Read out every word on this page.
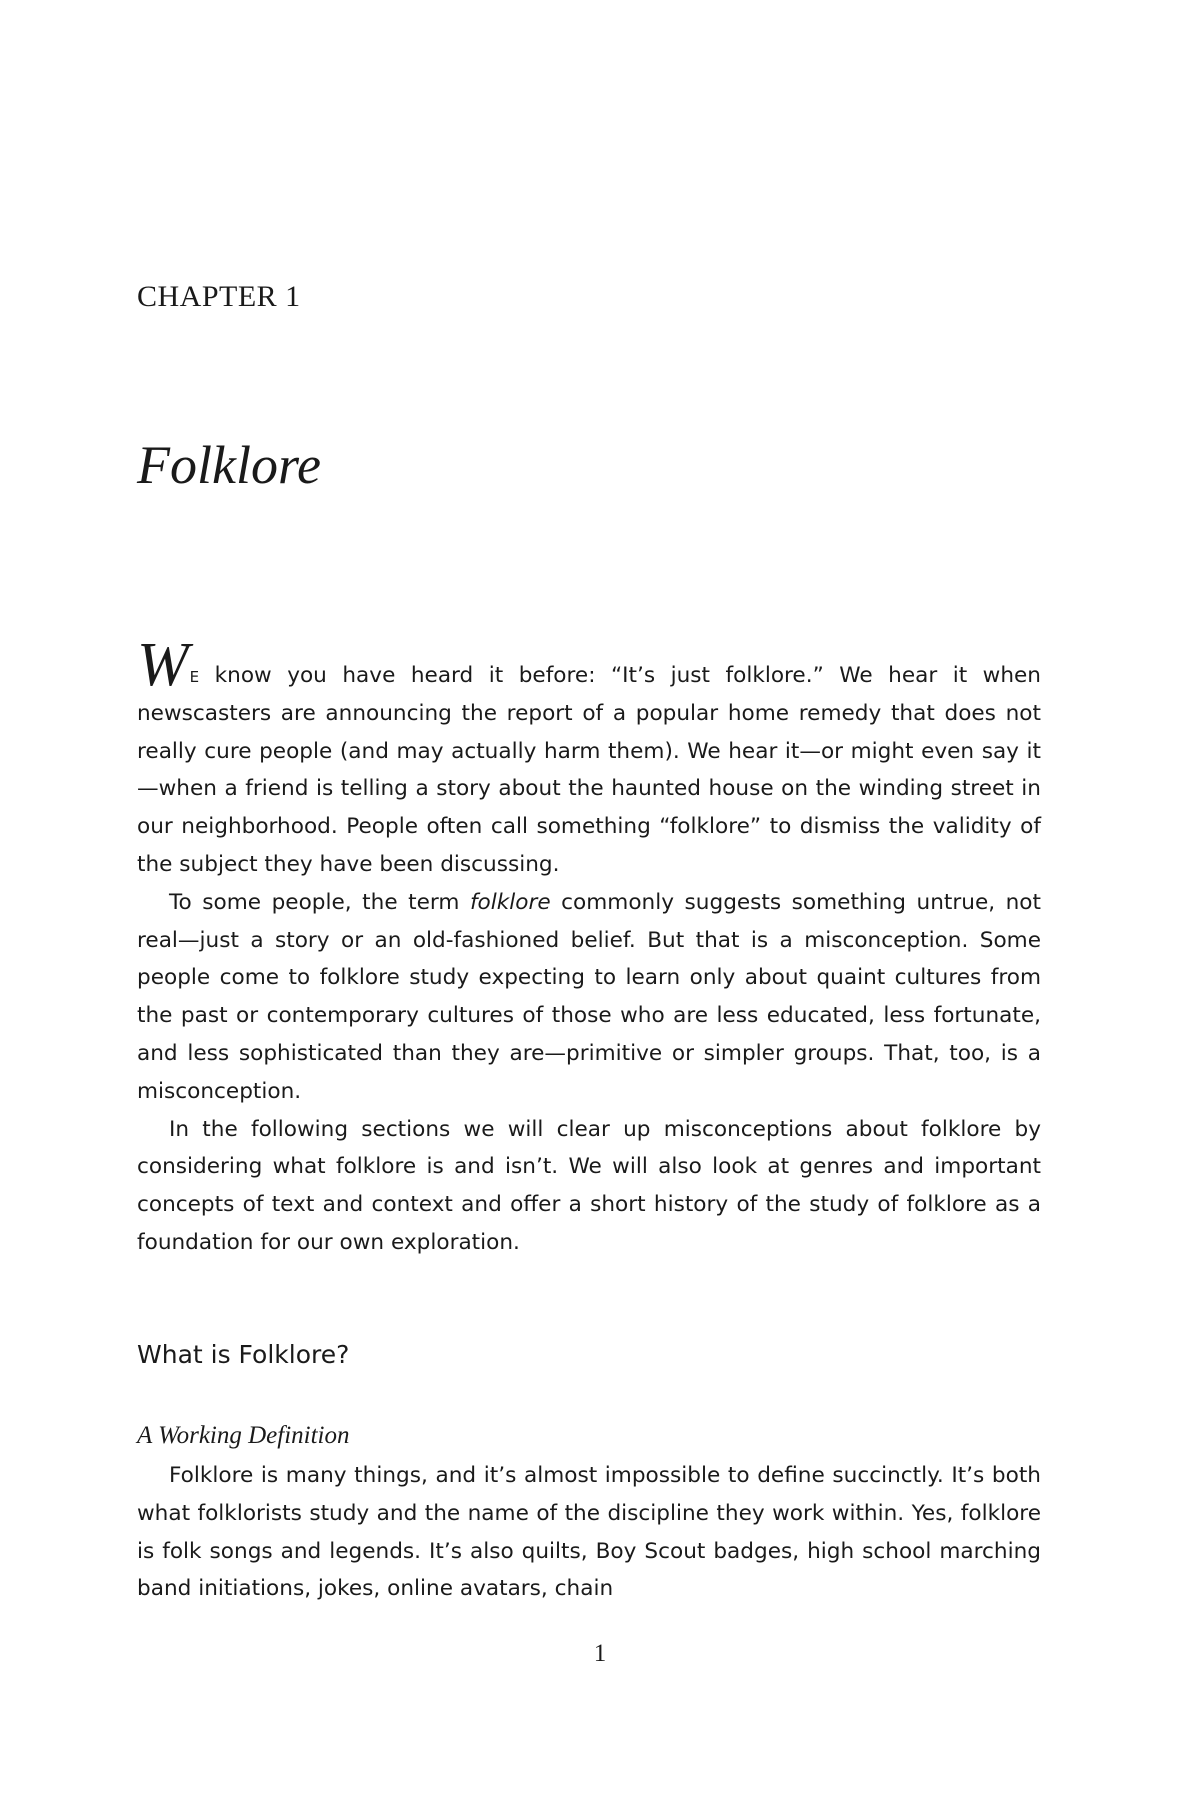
CHAPTER 1
Folklore

We know you have heard it before: “It’s just folklore.” We hear it when newscasters are announcing the report of a popular home remedy that does not really cure people (and may actually harm them). We hear it—or might even say it—when a friend is telling a story about the haunted house on the winding street in our neighborhood. People often call something “folklore” to dismiss the validity of the subject they have been discussing.

To some people, the term folklore commonly suggests something untrue, not real—just a story or an old-fashioned belief. But that is a misconception. Some people come to folklore study expecting to learn only about quaint cultures from the past or contemporary cultures of those who are less educated, less fortunate, and less sophisticated than they are—primitive or simpler groups. That, too, is a misconception.

In the following sections we will clear up misconceptions about folklore by considering what folklore is and isn’t. We will also look at genres and important concepts of text and context and offer a short history of the study of folklore as a foundation for our own exploration.

What is Folklore?
A Working Definition

Folklore is many things, and it’s almost impossible to define succinctly. It’s both what folklorists study and the name of the discipline they work within. Yes, folklore is folk songs and legends. It’s also quilts, Boy Scout badges, high school marching band initiations, jokes, online avatars, chain

1
